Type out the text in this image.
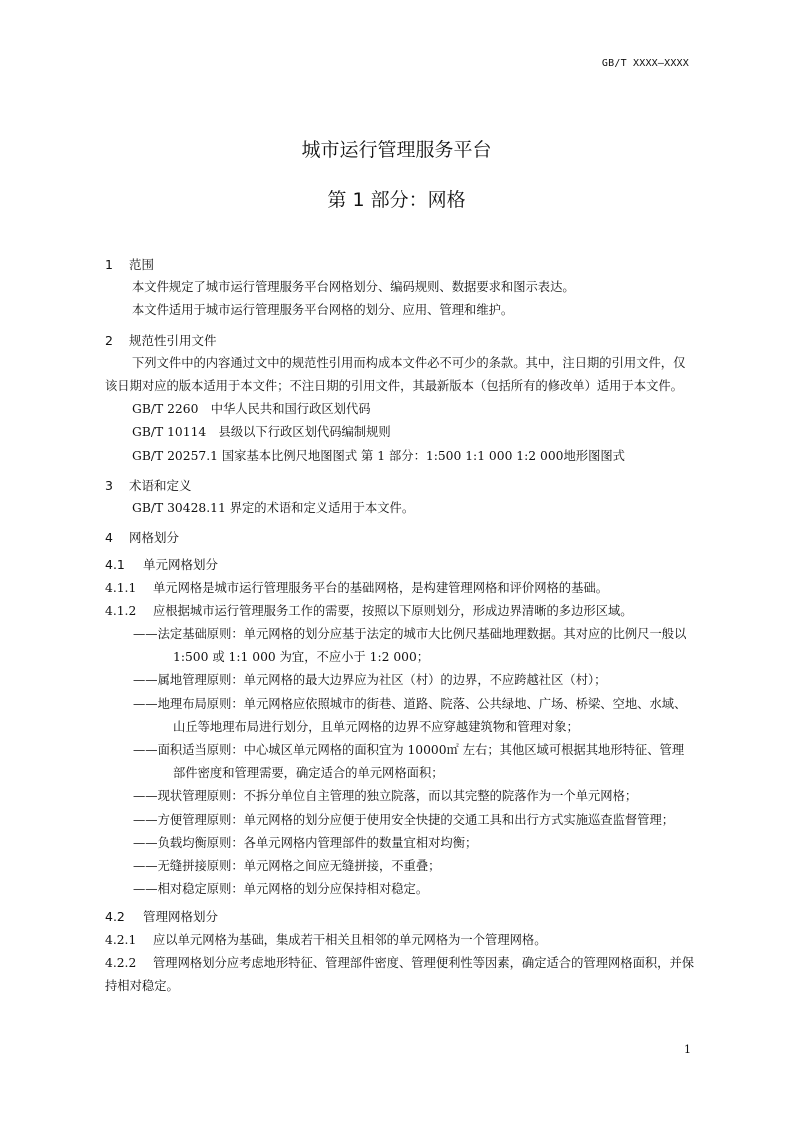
GB/T XXXX—XXXX
城市运行管理服务平台
第 1 部分：网格
1 范围
本文件规定了城市运行管理服务平台网格划分、编码规则、数据要求和图示表达。
本文件适用于城市运行管理服务平台网格的划分、应用、管理和维护。
2 规范性引用文件
下列文件中的内容通过文中的规范性引用而构成本文件必不可少的条款。其中，注日期的引用文件，仅该日期对应的版本适用于本文件；不注日期的引用文件，其最新版本（包括所有的修改单）适用于本文件。
GB/T 2260　中华人民共和国行政区划代码
GB/T 10114　县级以下行政区划代码编制规则
GB/T 20257.1 国家基本比例尺地图图式 第 1 部分：1:500 1:1 000 1:2 000地形图图式
3 术语和定义
GB/T 30428.11 界定的术语和定义适用于本文件。
4 网格划分
4.1 单元网格划分
4.1.1 单元网格是城市运行管理服务平台的基础网格，是构建管理网格和评价网格的基础。
4.1.2 应根据城市运行管理服务工作的需要，按照以下原则划分，形成边界清晰的多边形区域。
——法定基础原则：单元网格的划分应基于法定的城市大比例尺基础地理数据。其对应的比例尺一般以 1:500 或 1:1 000 为宜，不应小于 1:2 000；
——属地管理原则：单元网格的最大边界应为社区（村）的边界，不应跨越社区（村）；
——地理布局原则：单元网格应依照城市的街巷、道路、院落、公共绿地、广场、桥梁、空地、水域、山丘等地理布局进行划分，且单元网格的边界不应穿越建筑物和管理对象；
——面积适当原则：中心城区单元网格的面积宜为 10000㎡ 左右；其他区域可根据其地形特征、管理部件密度和管理需要，确定适合的单元网格面积；
——现状管理原则：不拆分单位自主管理的独立院落，而以其完整的院落作为一个单元网格；
——方便管理原则：单元网格的划分应便于使用安全快捷的交通工具和出行方式实施巡查监督管理；
——负载均衡原则：各单元网格内管理部件的数量宜相对均衡；
——无缝拼接原则：单元网格之间应无缝拼接，不重叠；
——相对稳定原则：单元网格的划分应保持相对稳定。
4.2 管理网格划分
4.2.1 应以单元网格为基础，集成若干相关且相邻的单元网格为一个管理网格。
4.2.2 管理网格划分应考虑地形特征、管理部件密度、管理便利性等因素，确定适合的管理网格面积，并保持相对稳定。
1
